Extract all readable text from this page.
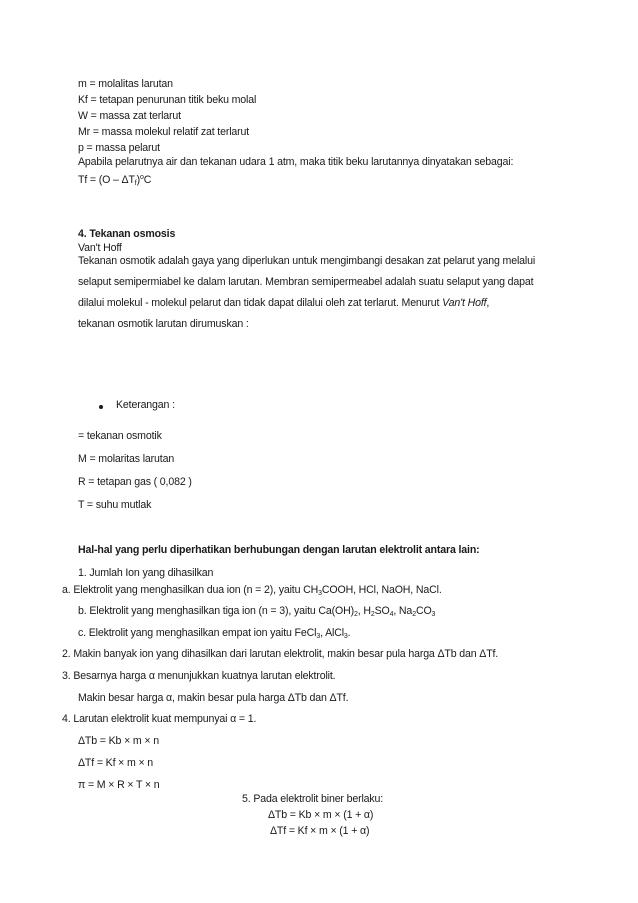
m = molalitas larutan
Kf = tetapan penurunan titik beku molal
W = massa zat terlarut
Mr = massa molekul relatif zat terlarut
p = massa pelarut
Apabila pelarutnya air dan tekanan udara 1 atm, maka titik beku larutannya dinyatakan sebagai:
$Tf = (O - \Delta T_f)^oC$
4. Tekanan osmosis
Van't Hoff
Tekanan osmotik adalah gaya yang diperlukan untuk mengimbangi desakan zat pelarut yang melalui
selaput semipermiabel ke dalam larutan. Membran semipermeabel adalah suatu selaput yang dapat
dilalui molekul - molekul pelarut dan tidak dapat dilalui oleh zat terlarut. Menurut Van't Hoff,
tekanan osmotik larutan dirumuskan :
Keterangan :
= tekanan osmotik
M = molaritas larutan
R = tetapan gas ( 0,082 )
T = suhu mutlak
Hal-hal yang perlu diperhatikan berhubungan dengan larutan elektrolit antara lain:
1. Jumlah Ion yang dihasilkan
a. Elektrolit yang menghasilkan dua ion (n = 2), yaitu $CH_3COOH$, HCl, NaOH, NaCl.
b. Elektrolit yang menghasilkan tiga ion (n = 3), yaitu $Ca(OH)_2$, $H_2SO_4$, $Na_2CO_3$
c. Elektrolit yang menghasilkan empat ion yaitu FeCl$_3$, AlCl$_3$.
2. Makin banyak ion yang dihasilkan dari larutan elektrolit, makin besar pula harga ΔTb dan ΔTf.
3. Besarnya harga α menunjukkan kuatnya larutan elektrolit.
Makin besar harga α, makin besar pula harga ΔTb dan ΔTf.
4. Larutan elektrolit kuat mempunyai α = 1.
ΔTb = Kb × m × n
ΔTf = Kf × m × n
π = M × R × T × n
5. Pada elektrolit biner berlaku:
ΔTb = Kb × m × (1 + α)
ΔTf = Kf × m × (1 + α)
